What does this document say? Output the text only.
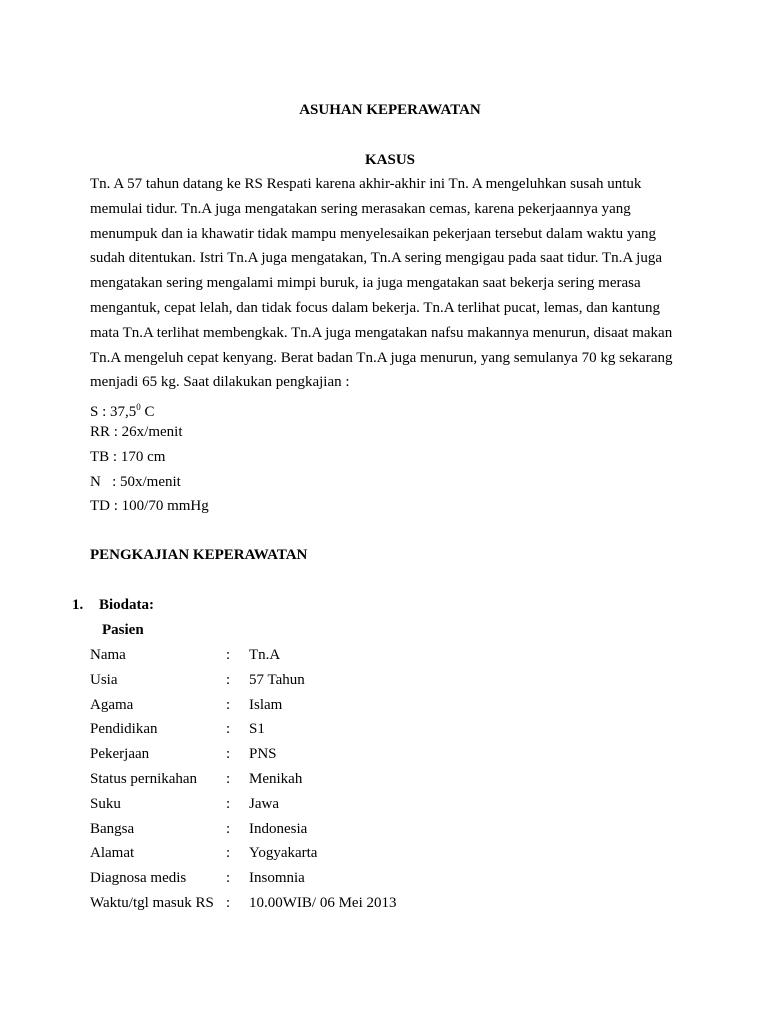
ASUHAN KEPERAWATAN
KASUS
Tn. A 57 tahun datang ke RS Respati karena akhir-akhir ini Tn. A mengeluhkan susah untuk
memulai tidur. Tn.A juga mengatakan sering merasakan cemas, karena pekerjaannya yang
menumpuk dan ia khawatir tidak mampu menyelesaikan pekerjaan tersebut dalam waktu yang
sudah ditentukan. Istri Tn.A juga mengatakan, Tn.A sering mengigau pada saat tidur. Tn.A juga
mengatakan sering mengalami mimpi buruk, ia juga mengatakan saat bekerja sering merasa
mengantuk, cepat lelah, dan tidak focus dalam bekerja. Tn.A terlihat pucat, lemas, dan kantung
mata Tn.A terlihat membengkak. Tn.A juga mengatakan nafsu makannya menurun, disaat makan
Tn.A mengeluh cepat kenyang. Berat badan Tn.A juga menurun, yang semulanya 70 kg sekarang
menjadi 65 kg. Saat dilakukan pengkajian :
S : 37,5$^0$ C
RR : 26x/menit
TB : 170 cm
N   : 50x/menit
TD : 100/70 mmHg
PENGKAJIAN KEPERAWATAN
1. Biodata:
Pasien
Nama	: Tn.A
Usia	: 57 Tahun
Agama	: Islam
Pendidikan	: S1
Pekerjaan	: PNS
Status pernikahan : Menikah
Suku	: Jawa
Bangsa	: Indonesia
Alamat	: Yogyakarta
Diagnosa medis	: Insomnia
Waktu/tgl masuk RS : 10.00WIB/ 06 Mei 2013
